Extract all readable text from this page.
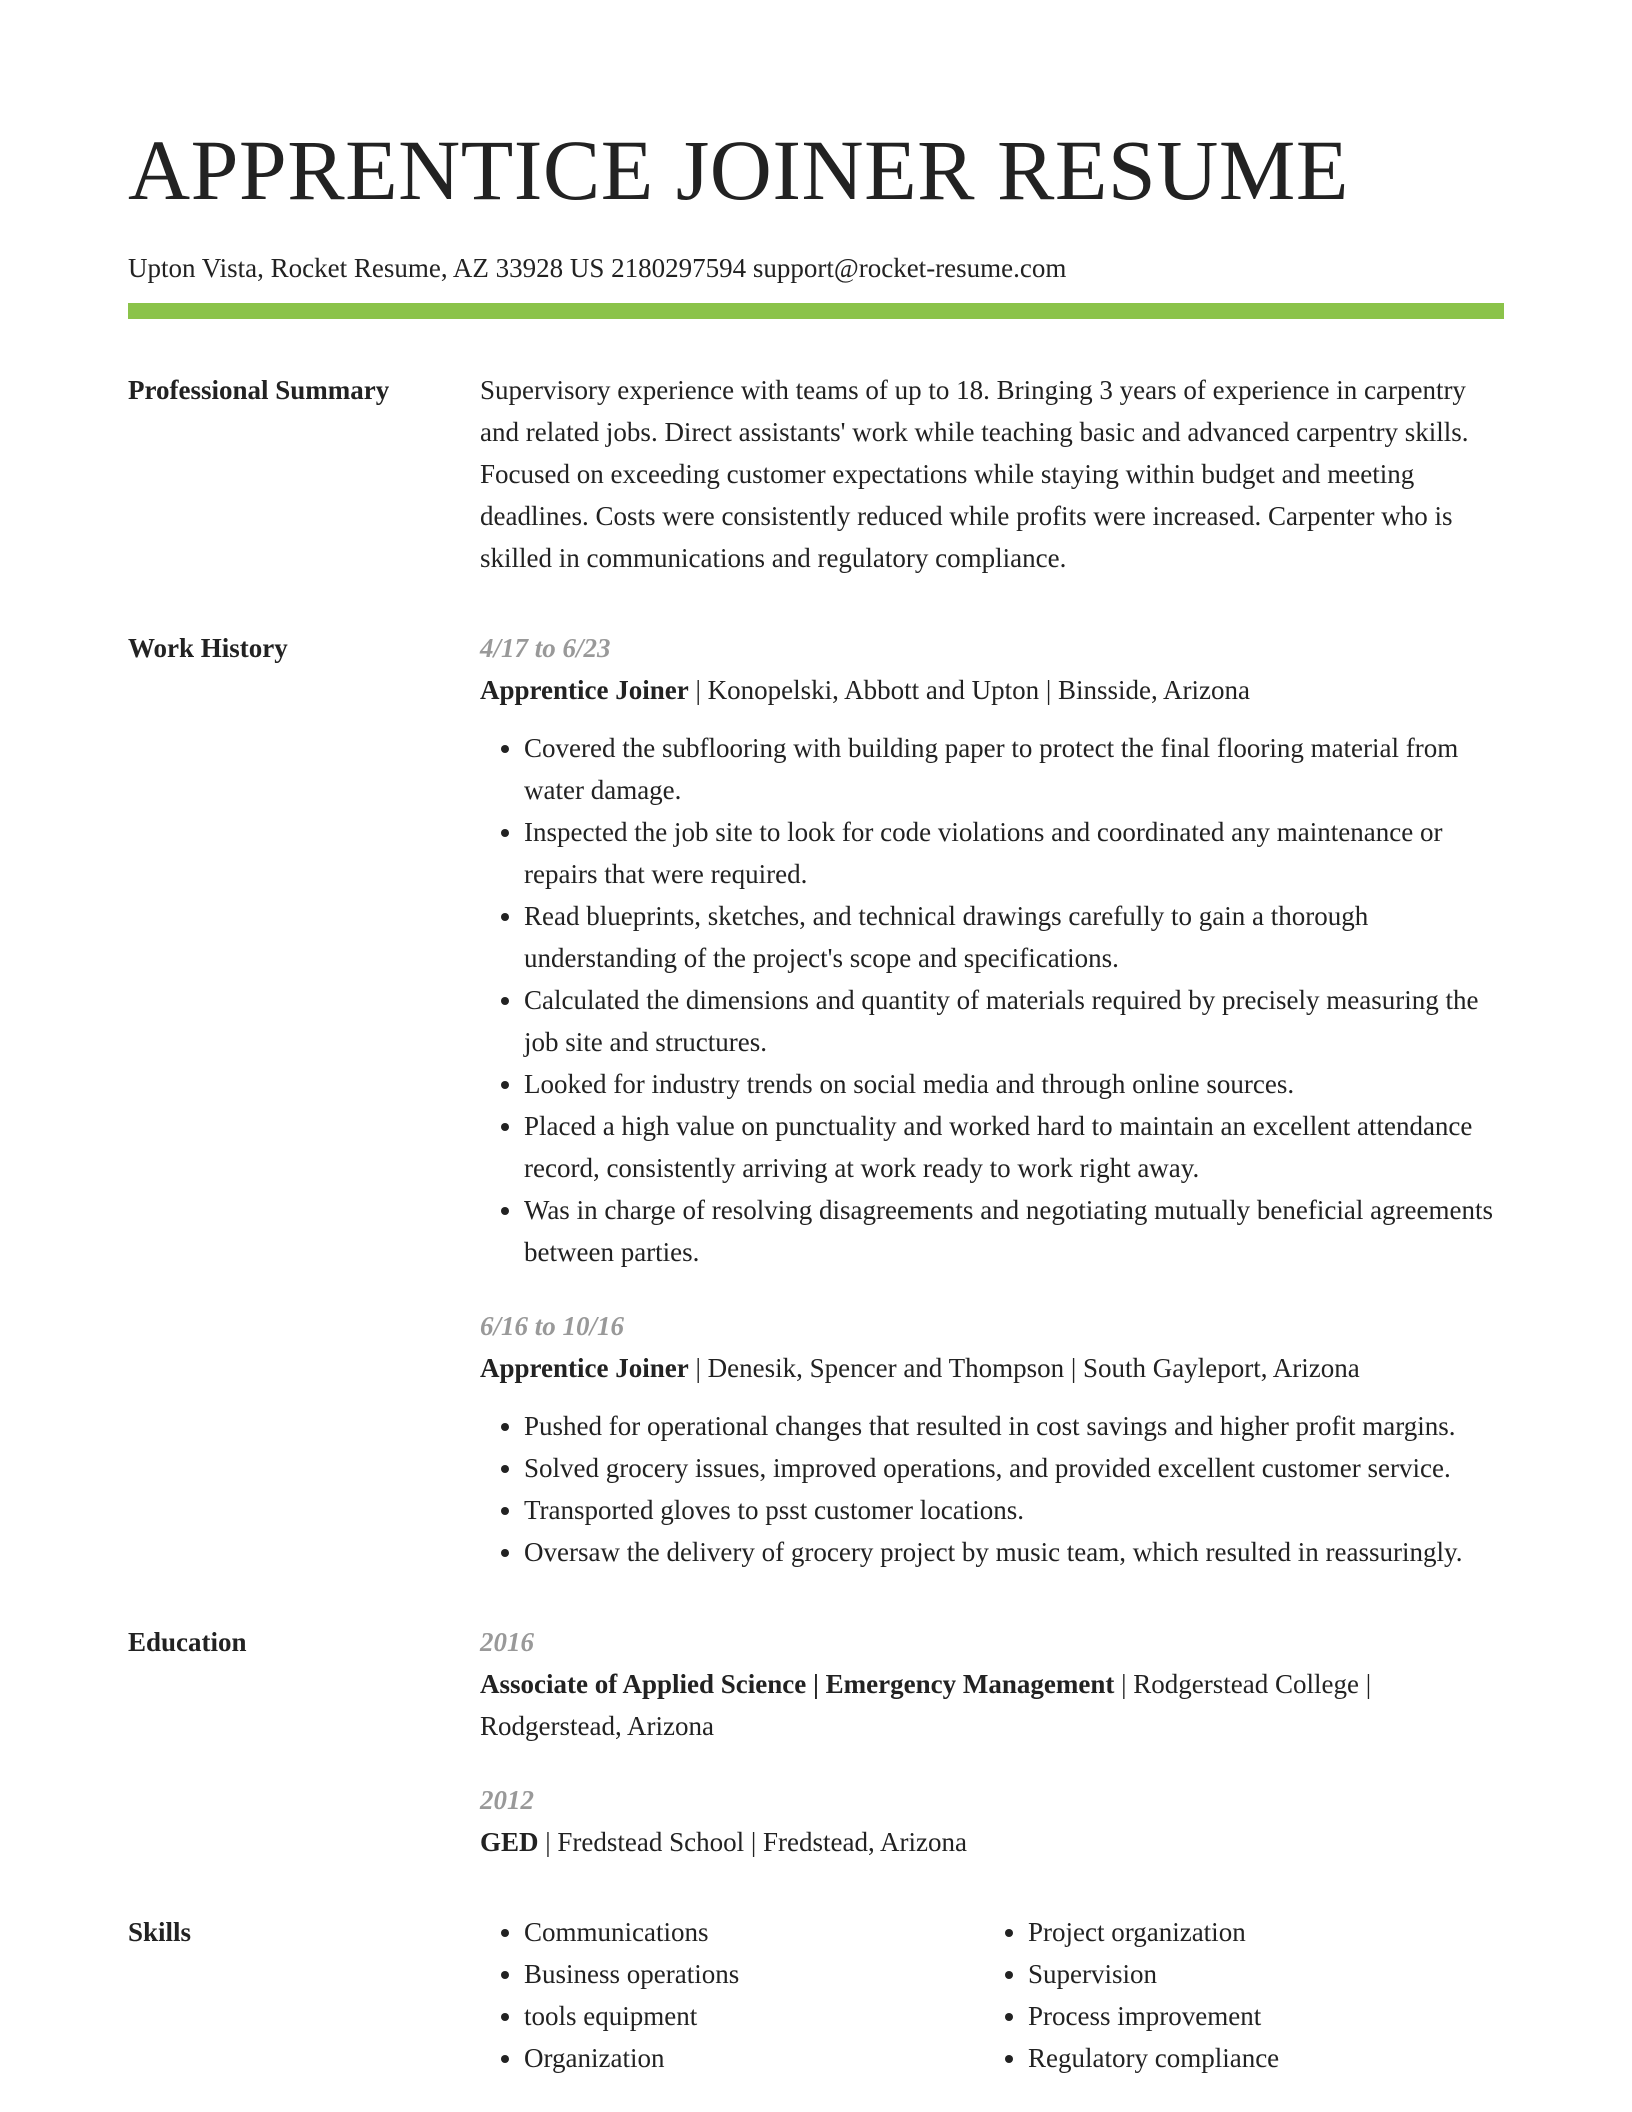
APPRENTICE JOINER RESUME
Upton Vista, Rocket Resume, AZ 33928 US 2180297594 support@rocket-resume.com
Professional Summary	Supervisory experience with teams of up to 18. Bringing 3 years of experience in carpentry and related jobs. Direct assistants' work while teaching basic and advanced carpentry skills. Focused on exceeding customer expectations while staying within budget and meeting deadlines. Costs were consistently reduced while profits were increased. Carpenter who is skilled in communications and regulatory compliance.

Work History	4/17 to 6/23
Apprentice Joiner | Konopelski, Abbott and Upton | Binsside, Arizona
• Covered the subflooring with building paper to protect the final flooring material from water damage.
• Inspected the job site to look for code violations and coordinated any maintenance or repairs that were required.
• Read blueprints, sketches, and technical drawings carefully to gain a thorough understanding of the project's scope and specifications.
• Calculated the dimensions and quantity of materials required by precisely measuring the job site and structures.
• Looked for industry trends on social media and through online sources.
• Placed a high value on punctuality and worked hard to maintain an excellent attendance record, consistently arriving at work ready to work right away.
• Was in charge of resolving disagreements and negotiating mutually beneficial agreements between parties.
6/16 to 10/16
Apprentice Joiner | Denesik, Spencer and Thompson | South Gayleport, Arizona
• Pushed for operational changes that resulted in cost savings and higher profit margins.
• Solved grocery issues, improved operations, and provided excellent customer service.
• Transported gloves to psst customer locations.
• Oversaw the delivery of grocery project by music team, which resulted in reassuringly.
Education	2016
Associate of Applied Science | Emergency Management | Rodgerstead College | Rodgerstead, Arizona
2012
GED | Fredstead School | Fredstead, Arizona
Skills
•	Communications
• Business operations
• tools equipment
• Organization
• Project organization
• Supervision
• Process improvement
• Regulatory compliance
